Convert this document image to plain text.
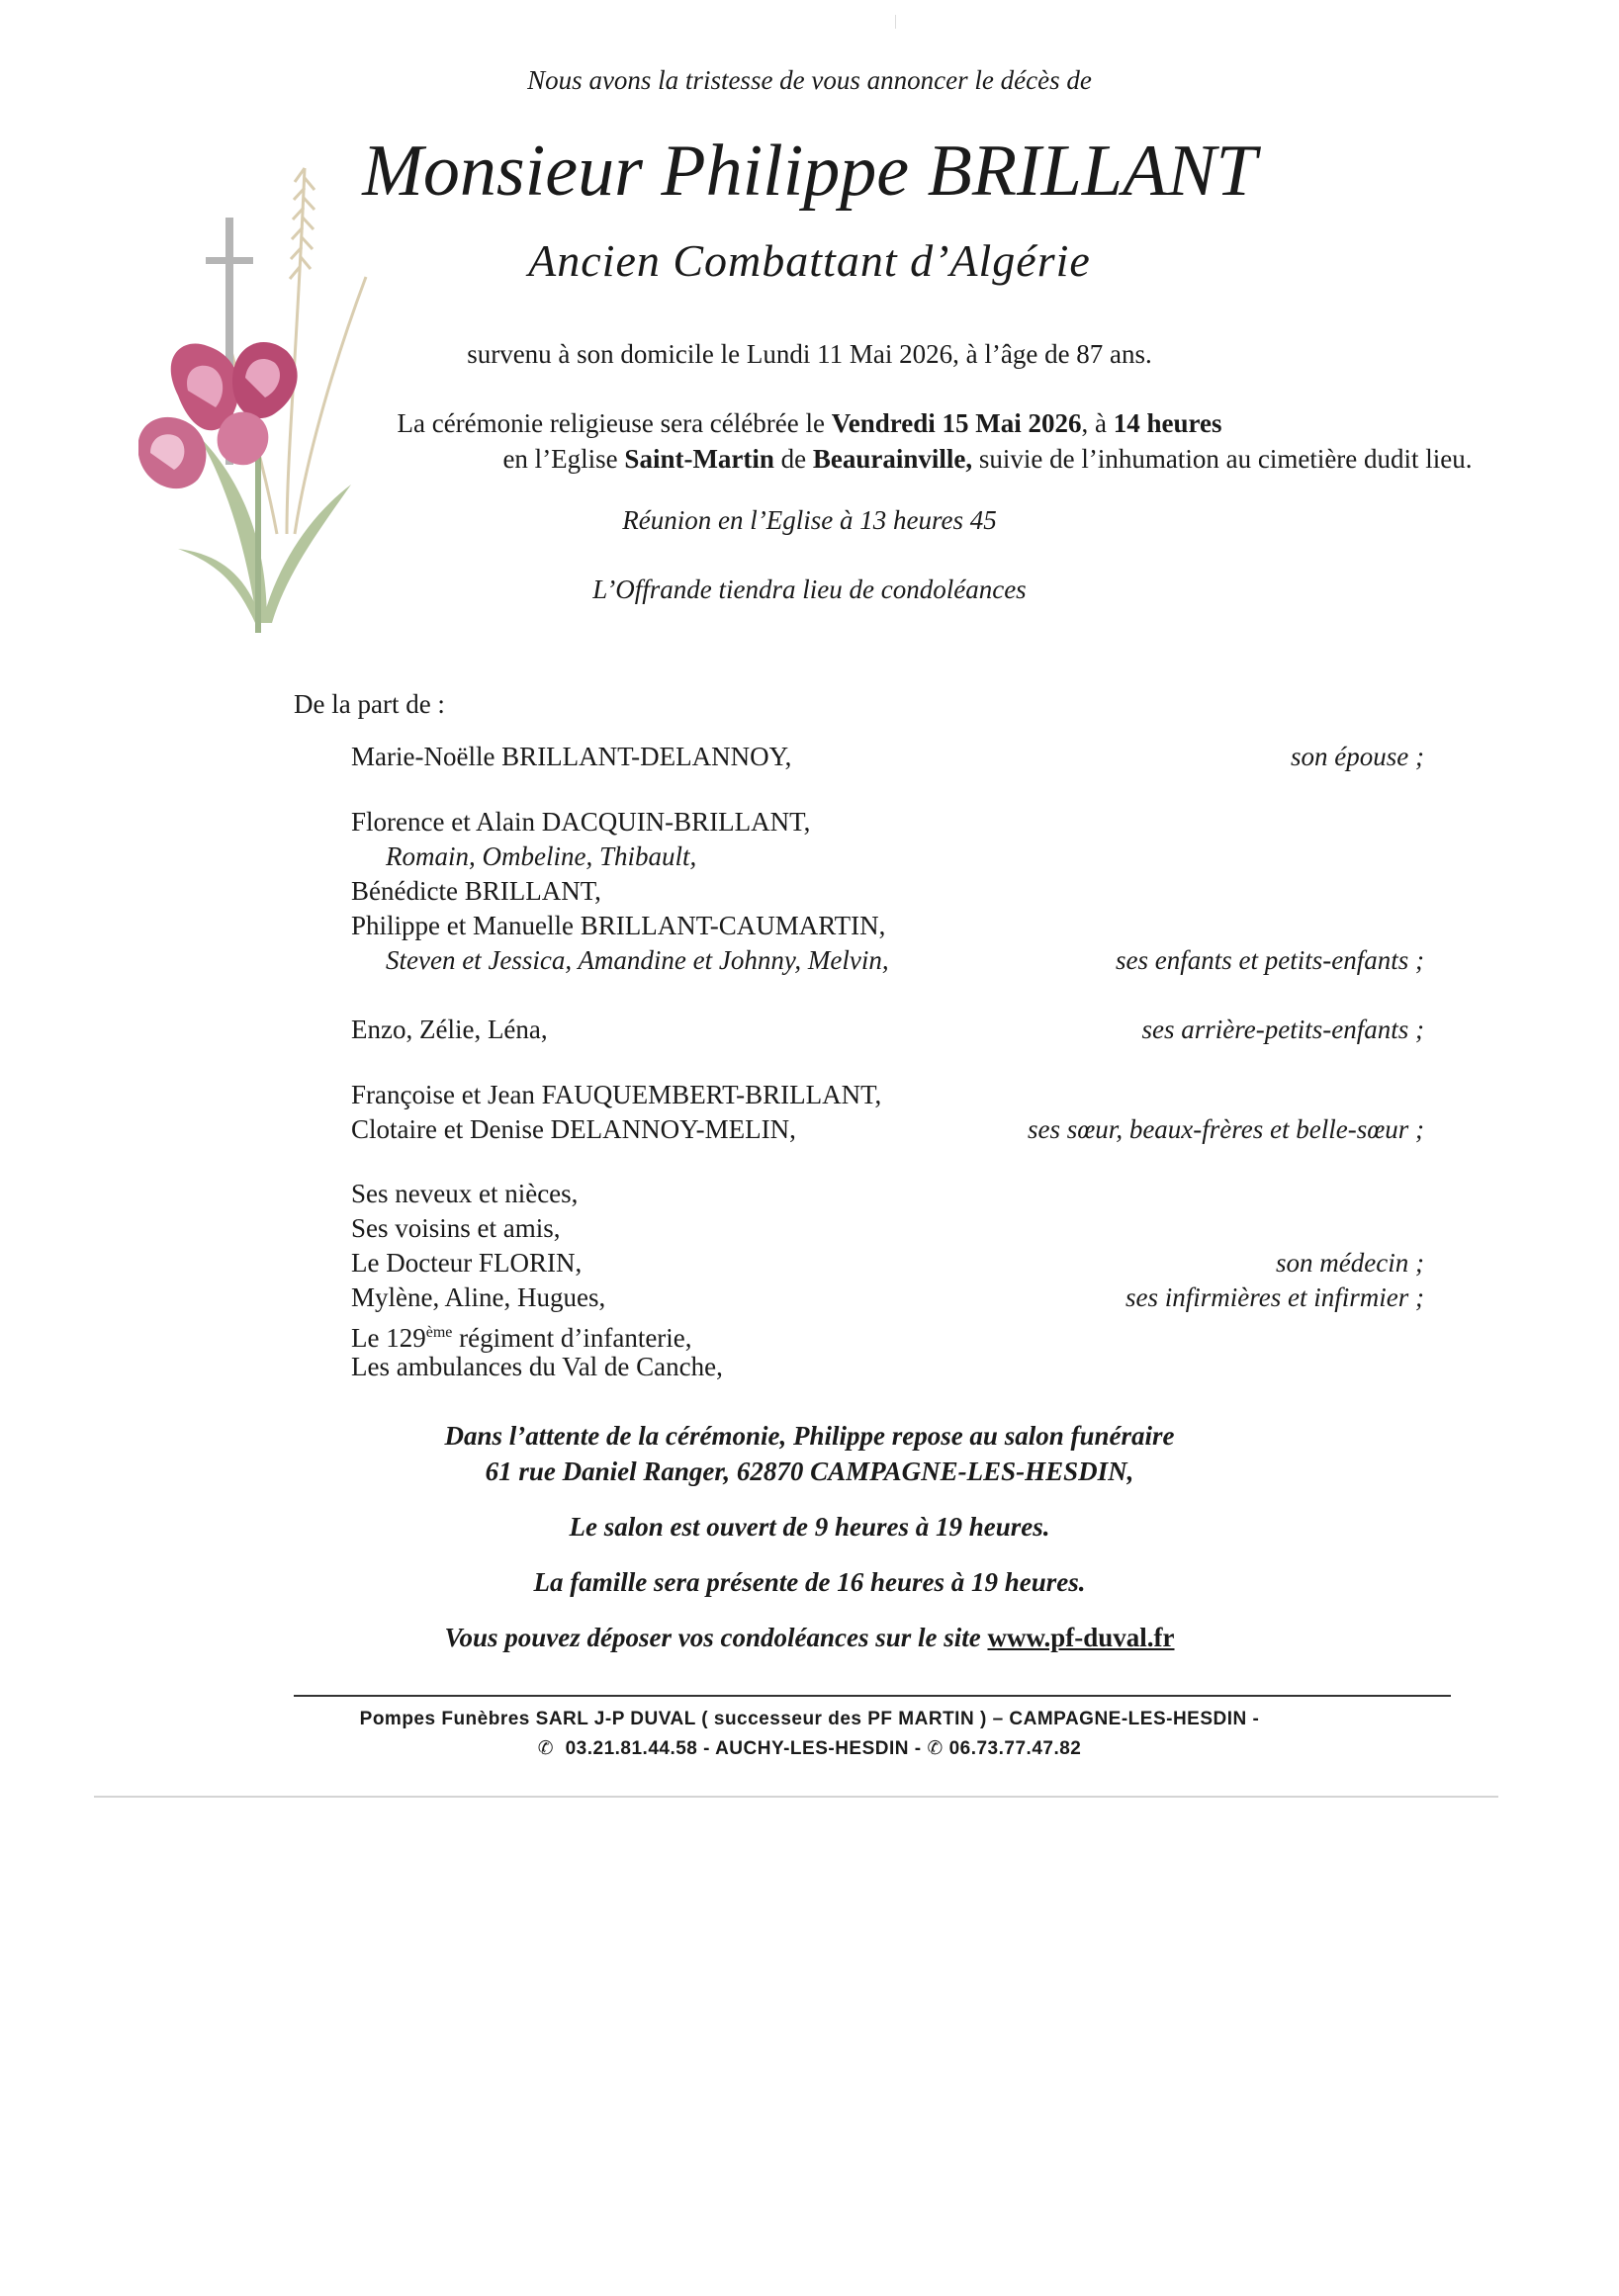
Nous avons la tristesse de vous annoncer le décès de
Monsieur Philippe BRILLANT
Ancien Combattant d’Algérie
survenu à son domicile le Lundi 11 Mai 2026, à l’âge de 87 ans.
La cérémonie religieuse sera célébrée le Vendredi 15 Mai 2026, à 14 heures
en l’Eglise Saint-Martin de Beaurainville, suivie de l’inhumation au cimetière dudit lieu.
Réunion en l’Eglise à 13 heures 45
L’Offrande tiendra lieu de condoléances
De la part de :
Marie-Noëlle BRILLANT-DELANNOY,	son épouse ;
Florence et Alain DACQUIN-BRILLANT,
Romain, Ombeline, Thibault,
Bénédicte BRILLANT,
Philippe et Manuelle BRILLANT-CAUMARTIN,
Steven et Jessica, Amandine et Johnny, Melvin,	ses enfants et petits-enfants ;
Enzo, Zélie, Léna,	ses arrière-petits-enfants ;
Françoise et Jean FAUQUEMBERT-BRILLANT,
Clotaire et Denise DELANNOY-MELIN,	ses sœur, beaux-frères et belle-sœur ;
Ses neveux et nièces,
Ses voisins et amis,
Le Docteur FLORIN,	son médecin ;
Mylène, Aline, Hugues,	ses infirmières et infirmier ;
Le 129ème régiment d’infanterie,
Les ambulances du Val de Canche,
Dans l’attente de la cérémonie, Philippe repose au salon funéraire
61 rue Daniel Ranger, 62870 CAMPAGNE-LES-HESDIN,
Le salon est ouvert de 9 heures à 19 heures.
La famille sera présente de 16 heures à 19 heures.
Vous pouvez déposer vos condoléances sur le site www.pf-duval.fr
Pompes Funèbres SARL J-P DUVAL ( successeur des PF MARTIN ) – CAMPAGNE-LES-HESDIN -
✆ 03.21.81.44.58 - AUCHY-LES-HESDIN - ✆ 06.73.77.47.82
